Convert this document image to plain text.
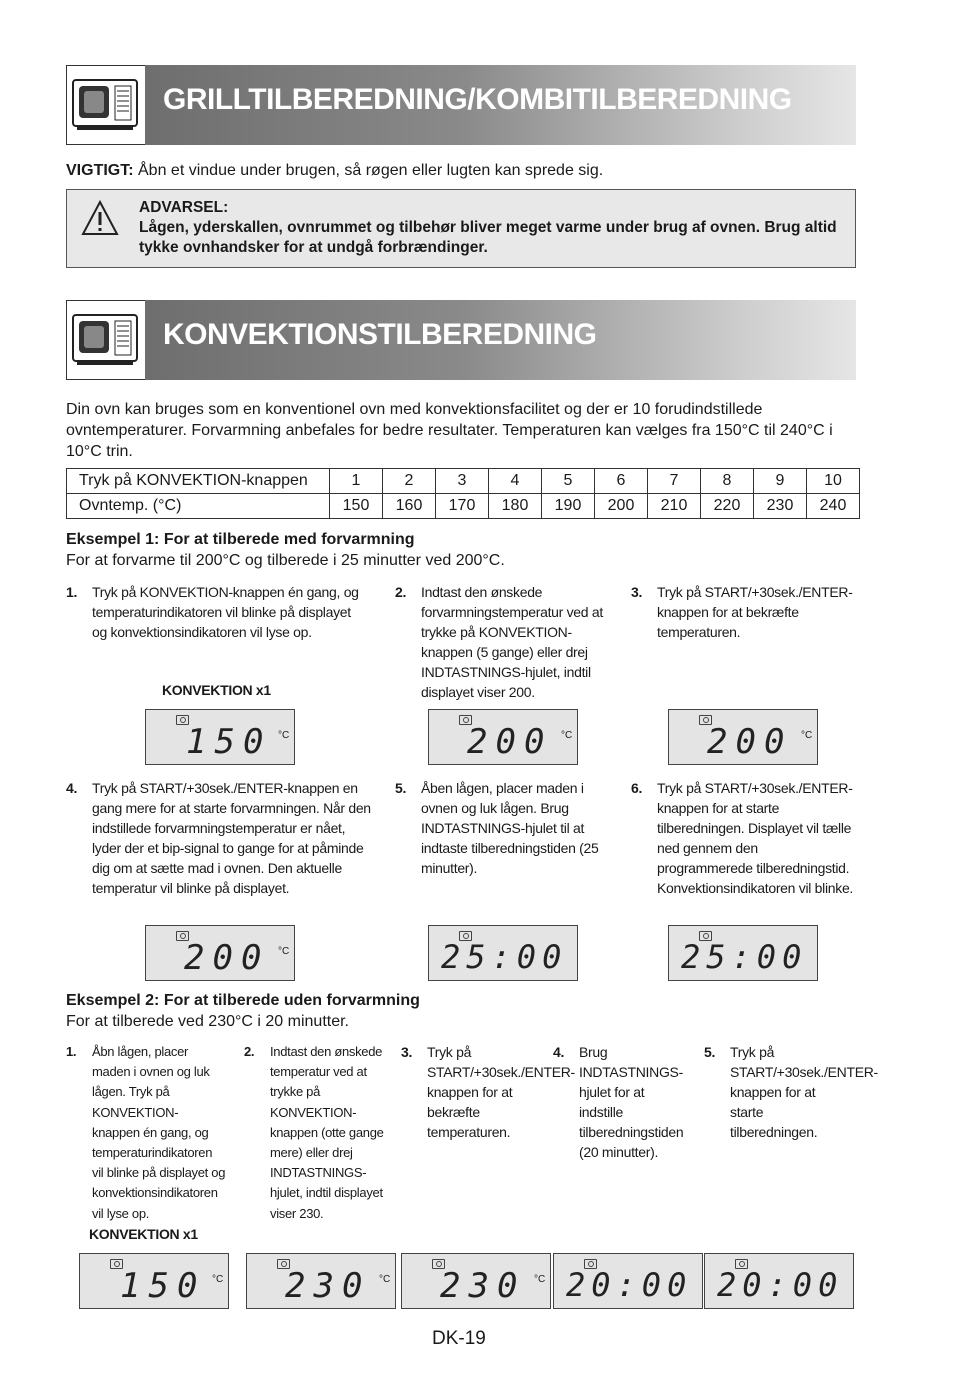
GRILLTILBEREDNING/KOMBITILBEREDNING
VIGTIGT: Åbn et vindue under brugen, så røgen eller lugten kan sprede sig.
ADVARSEL:
Lågen, yderskallen, ovnrummet og tilbehør bliver meget varme under brug af ovnen. Brug altid tykke ovnhandsker for at undgå forbrændinger.
KONVEKTIONSTILBEREDNING
Din ovn kan bruges som en konventionel ovn med konvektionsfacilitet og der er 10 forudindstillede ovntemperaturer. Forvarmning anbefales for bedre resultater. Temperaturen kan vælges fra 150°C til 240°C i 10°C trin.
Tryk på KONVEKTION-knappen	1	2	3	4	5	6	7	8	9	10
Ovntemp. (°C)	150	160	170	180	190	200	210	220	230	240
Eksempel 1: For at tilberede med forvarmning
For at forvarme til 200°C og tilberede i 25 minutter ved 200°C.
1. Tryk på KONVEKTION-knappen én gang, og temperaturindikatoren vil blinke på displayet og konvektionsindikatoren vil lyse op.
2. Indtast den ønskede forvarmningstemperatur ved at trykke på KONVEKTION-knappen (5 gange) eller drej INDTASTNINGS-hjulet, indtil displayet viser 200.
3. Tryk på START/+30sek./ENTER-knappen for at bekræfte temperaturen.
KONVEKTION x1
150 °C	200 °C	200 °C
4. Tryk på START/+30sek./ENTER-knappen en gang mere for at starte forvarmningen. Når den indstillede forvarmningstemperatur er nået, lyder der et bip-signal to gange for at påminde dig om at sætte mad i ovnen. Den aktuelle temperatur vil blinke på displayet.
5. Åben lågen, placer maden i ovnen og luk lågen. Brug INDTASTNINGS-hjulet til at indtaste tilberedningstiden (25 minutter).
6. Tryk på START/+30sek./ENTER-knappen for at starte tilberedningen. Displayet vil tælle ned gennem den programmerede tilberedningstid. Konvektionsindikatoren vil blinke.
200 °C	25:00	25:00
Eksempel 2: For at tilberede uden forvarmning
For at tilberede ved 230°C i 20 minutter.
1. Åbn lågen, placer maden i ovnen og luk lågen. Tryk på KONVEKTION-knappen én gang, og temperaturindikatoren vil blinke på displayet og konvektionsindikatoren vil lyse op.
2. Indtast den ønskede temperatur ved at trykke på KONVEKTION-knappen (otte gange mere) eller drej INDTASTNINGS-hjulet, indtil displayet viser 230.
3. Tryk på START/+30sek./ENTER-knappen for at bekræfte temperaturen.
4. Brug INDTASTNINGS-hjulet for at indstille tilberedningstiden (20 minutter).
5. Tryk på START/+30sek./ENTER-knappen for at starte tilberedningen.
KONVEKTION x1
150 °C 230 °C 230 °C 20:00 20:00
DK-19
